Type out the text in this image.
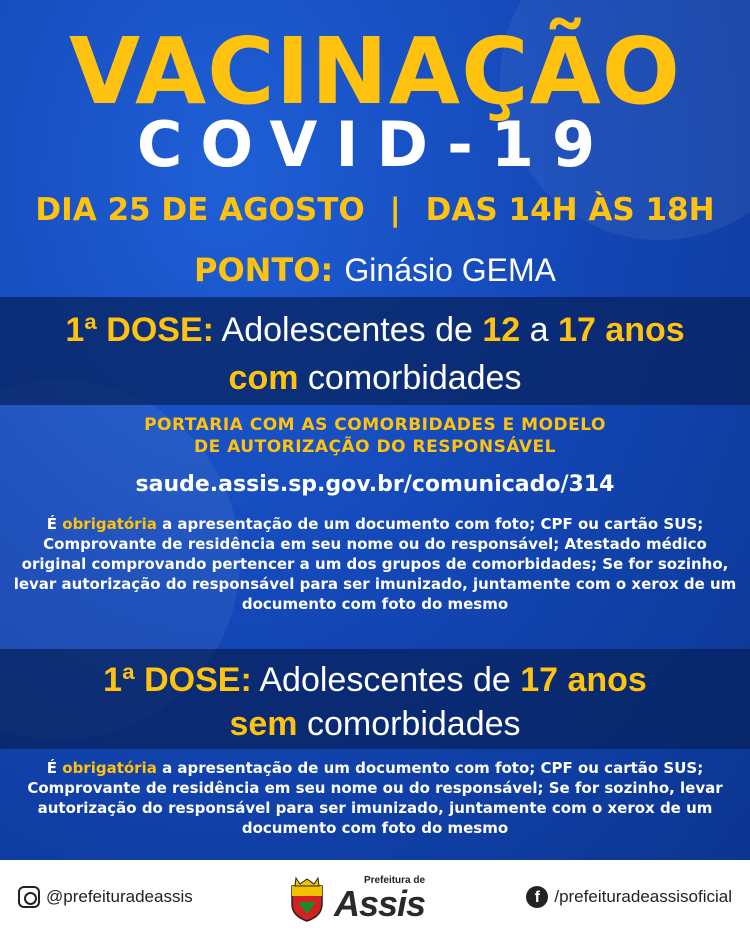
VACINAÇÃO
COVID-19
DIA 25 DE AGOSTO | DAS 14H ÀS 18H
PONTO: Ginásio GEMA
1ª DOSE: Adolescentes de 12 a 17 anos
com comorbidades
PORTARIA COM AS COMORBIDADES E MODELO
DE AUTORIZAÇÃO DO RESPONSÁVEL
saude.assis.sp.gov.br/comunicado/314
É obrigatória a apresentação de um documento com foto; CPF ou cartão SUS; Comprovante de residência em seu nome ou do responsável; Atestado médico original comprovando pertencer a um dos grupos de comorbidades; Se for sozinho, levar autorização do responsável para ser imunizado, juntamente com o xerox de um documento com foto do mesmo
1ª DOSE: Adolescentes de 17 anos
sem comorbidades
É obrigatória a apresentação de um documento com foto; CPF ou cartão SUS; Comprovante de residência em seu nome ou do responsável; Se for sozinho, levar autorização do responsável para ser imunizado, juntamente com o xerox de um documento com foto do mesmo
@prefeituradeassis
Prefeitura de
Assis	f /prefeituradeassisoficial
